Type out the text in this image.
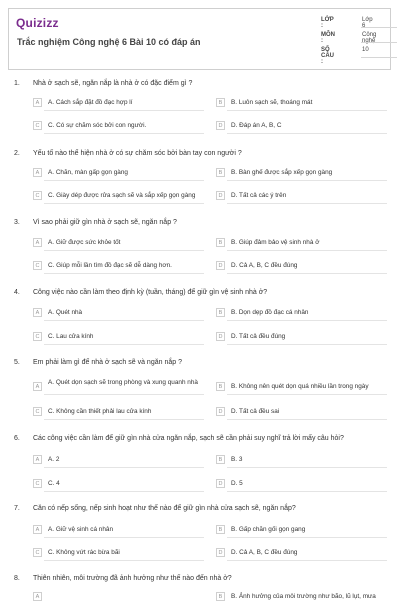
Quizizz
Trắc nghiệm Công nghệ 6 Bài 10 có đáp án
LỚP :
Lớp 6
MÔN :
Công nghệ
SỐ CÂU :
10
1. Nhà ở sạch sẽ, ngăn nắp là nhà ở có đặc điểm gì ?
A	A. Cách sắp đặt đồ đạc hợp lí	B	B. Luôn sạch sẽ, thoáng mát
C	C. Có sự chăm sóc bởi con người.	D	D. Đáp án A, B, C
2. Yếu tố nào thể hiện nhà ở có sự chăm sóc bởi bàn tay con người ?
A	A. Chăn, màn gấp gọn gàng	B	B. Bàn ghế được sắp xếp gọn gàng
C	C. Giày dép được rửa sạch sẽ và sắp xếp gọn gàng	D	D. Tất cả các ý trên
3. Vì sao phải giữ gìn nhà ở sạch sẽ, ngăn nắp ?
A	A. Giữ được sức khỏe tốt	B	B. Giúp đảm bảo vệ sinh nhà ở
C	C. Giúp mỗi lần tìm đồ đạc sẽ dễ dàng hơn.	D	D. Cả A, B, C đều đúng
4. Công việc nào cần làm theo định kỳ (tuần, tháng) để giữ gìn vệ sinh nhà ở?
A	A. Quét nhà	B	B. Dọn dẹp đồ đạc cá nhân
C	C. Lau cửa kính	D	D. Tất cả đều đúng
5. Em phải làm gì để nhà ở sạch sẽ và ngăn nắp ?
A
A. Quét dọn sạch sẽ trong phòng và xung quanh nhà
B	B. Không nên quét dọn quá nhiều lần trong ngày
C	C. Không cần thiết phải lau cửa kính	D	D. Tất cả đều sai
6. Các công việc cần làm để giữ gìn nhà cửa ngăn nắp, sạch sẽ cần phải suy nghĩ trả lời mấy câu hỏi?
A	A. 2	B	B. 3
C	C. 4	D	D. 5
7. Căn có nếp sống, nếp sinh hoạt như thế nào để giữ gìn nhà cửa sạch sẽ, ngăn nắp?
A	A. Giữ vệ sinh cá nhân	B	B. Gấp chăn gối gọn gang
C	C. Không vứt rác bừa bãi	D	D. Cả A, B, C đều đúng
8. Thiên nhiên, môi trường đã ảnh hưởng như thế nào đến nhà ở?
A	B	B. Ảnh hưởng của môi trường như bão, lũ lụt, mưa
